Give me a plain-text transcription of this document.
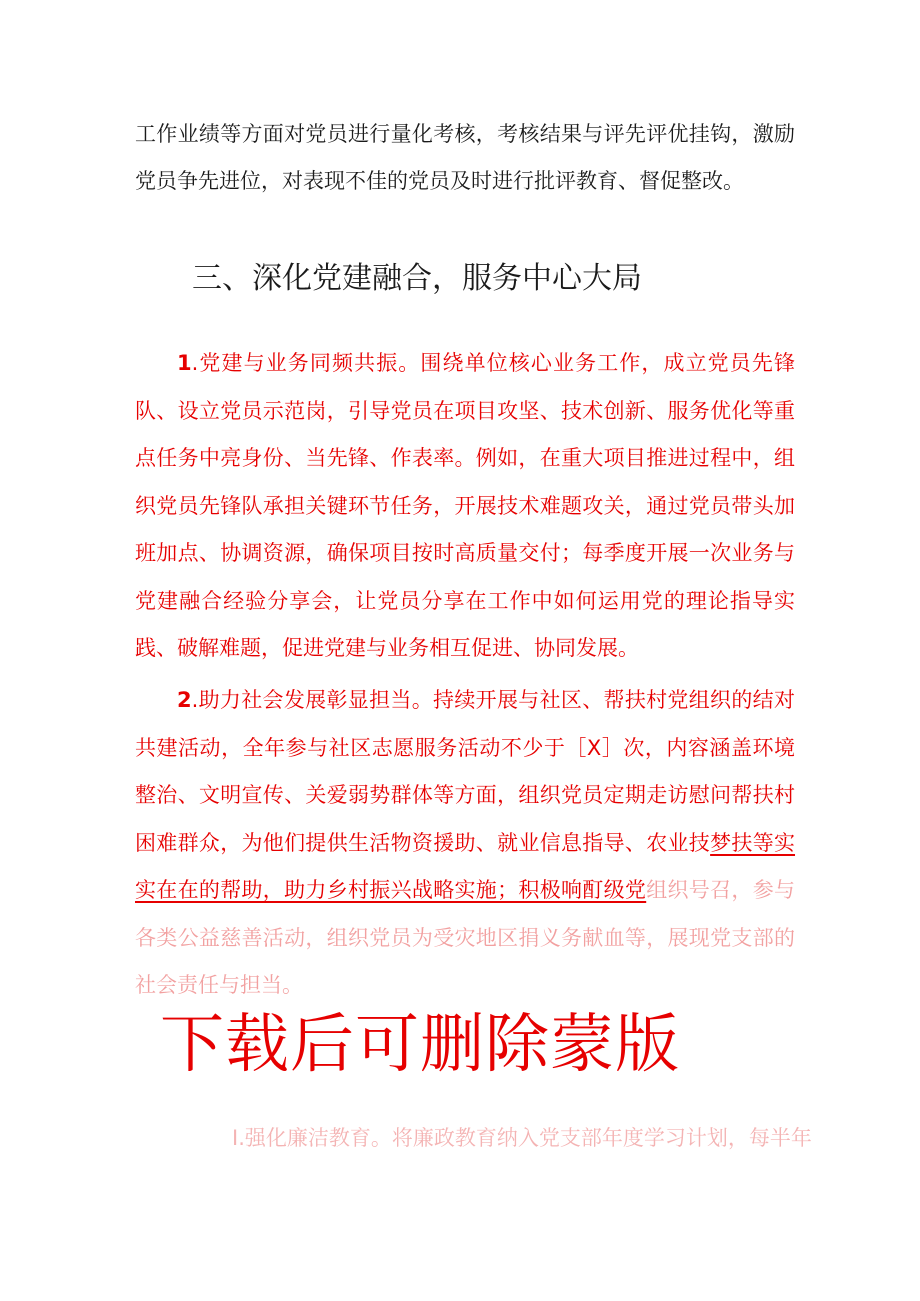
工作业绩等方面对党员进行量化考核，考核结果与评先评优挂钩，激励党员争先进位，对表现不佳的党员及时进行批评教育、督促整改。

三、深化党建融合，服务中心大局

1.党建与业务同频共振。围绕单位核心业务工作，成立党员先锋队、设立党员示范岗，引导党员在项目攻坚、技术创新、服务优化等重点任务中亮身份、当先锋、作表率。例如，在重大项目推进过程中，组织党员先锋队承担关键环节任务，开展技术难题攻关，通过党员带头加班加点、协调资源，确保项目按时高质量交付；每季度开展一次业务与党建融合经验分享会，让党员分享在工作中如何运用党的理论指导实践、破解难题，促进党建与业务相互促进、协同发展。

2.助力社会发展彰显担当。持续开展与社区、帮扶村党组织的结对共建活动，全年参与社区志愿服务活动不少于［X］次，内容涵盖环境整治、文明宣传、关爱弱势群体等方面，组织党员定期走访慰问帮扶村困难群众，为他们提供生活物资援助、就业信息指导、农业技梦扶等实实在在的帮助，助力乡村振兴战略实施；积极响酊级党组织号召，参与各类公益慈善活动，组织党员为受灾地区捐义务献血等，展现党支部的社会责任与担当。

下载后可删除蒙版

I.强化廉洁教育。将廉政教育纳入党支部年度学习计划，每半年
